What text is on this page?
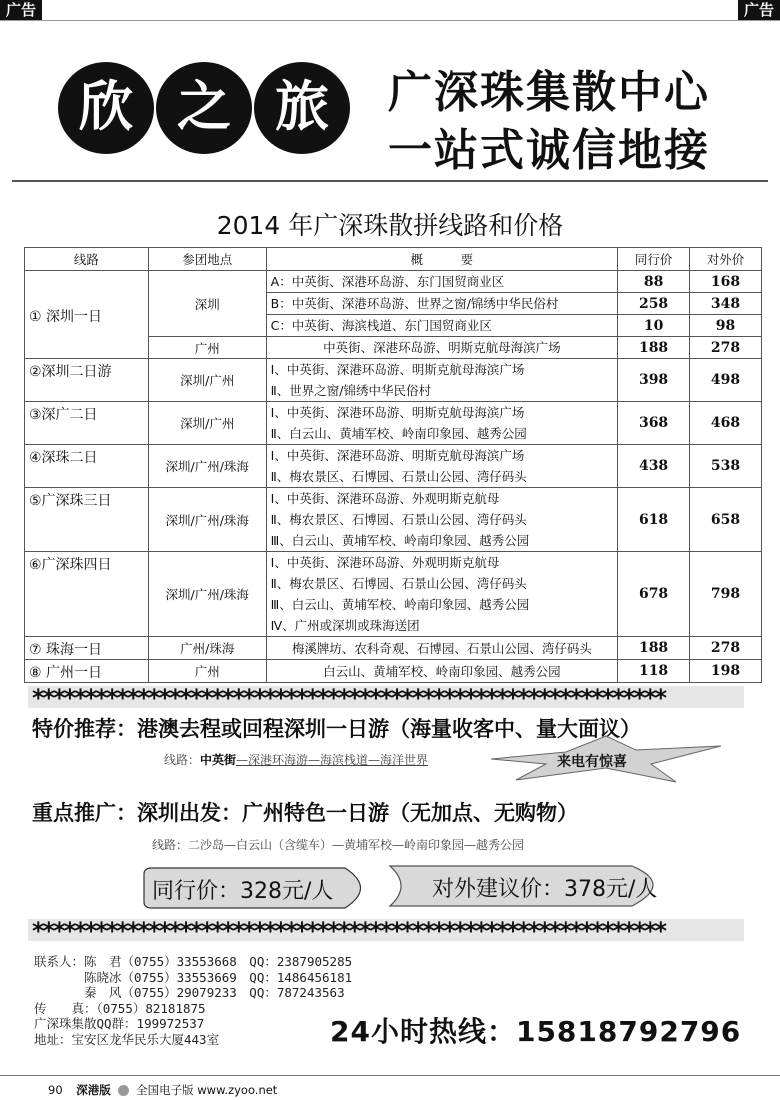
广告	广告
欣 之 旅	广深珠集散中心
一站式诚信地接
2014 年广深珠散拼线路和价格
线路	参团地点	概　　　要	同行价	对外价
① 深圳一日	深圳	A：中英街、深港环岛游、东门国贸商业区	88	168
		B：中英街、深港环岛游、世界之窗/锦绣中华民俗村	258	348
		C：中英街、海滨栈道、东门国贸商业区	10	98
	广州	中英街、深港环岛游、明斯克航母海滨广场	188	278
②深圳二日游	深圳/广州	Ⅰ、中英街、深港环岛游、明斯克航母海滨广场
Ⅱ、世界之窗/锦绣中华民俗村	398	498
③深广二日	深圳/广州	Ⅰ、中英街、深港环岛游、明斯克航母海滨广场
Ⅱ、白云山、黄埔军校、岭南印象园、越秀公园	368	468
④深珠二日	深圳/广州/珠海	Ⅰ、中英街、深港环岛游、明斯克航母海滨广场
Ⅱ、梅农景区、石博园、石景山公园、湾仔码头	438	538
⑤广深珠三日	深圳/广州/珠海	Ⅰ、中英街、深港环岛游、外观明斯克航母
Ⅱ、梅农景区、石博园、石景山公园、湾仔码头
Ⅲ、白云山、黄埔军校、岭南印象园、越秀公园	618	658
⑥广深珠四日	深圳/广州/珠海	Ⅰ、中英街、深港环岛游、外观明斯克航母
Ⅱ、梅农景区、石博园、石景山公园、湾仔码头
Ⅲ、白云山、黄埔军校、岭南印象园、越秀公园
Ⅳ、广州或深圳或珠海送团	678	798
⑦ 珠海一日	广州/珠海	梅溪牌坊、农科奇观、石博园、石景山公园、湾仔码头	188	278
⑧ 广州一日	广州	白云山、黄埔军校、岭南印象园、越秀公园	118	198
************************************************************
特价推荐：港澳去程或回程深圳一日游（海量收客中、量大面议）
线路：中英街—深港环海游—海滨栈道—海洋世界	来电有惊喜
重点推广：深圳出发：广州特色一日游（无加点、无购物）
线路：二沙岛—白云山（含缆车）—黄埔军校—岭南印象园—越秀公园
同行价：328元/人	对外建议价：378元/人
************************************************************
联系人：陈　君（0755）33553668　QQ：2387905285
　　　　陈晓冰（0755）33553669　QQ：1486456181
　　　　秦　风（0755）29079233　QQ：787243563
传　　真：（0755）82181875
广深珠集散QQ群：199972537
地址：宝安区龙华民乐大厦443室	24小时热线：15818792796
90 深港版 全国电子版 www.zyoo.net
